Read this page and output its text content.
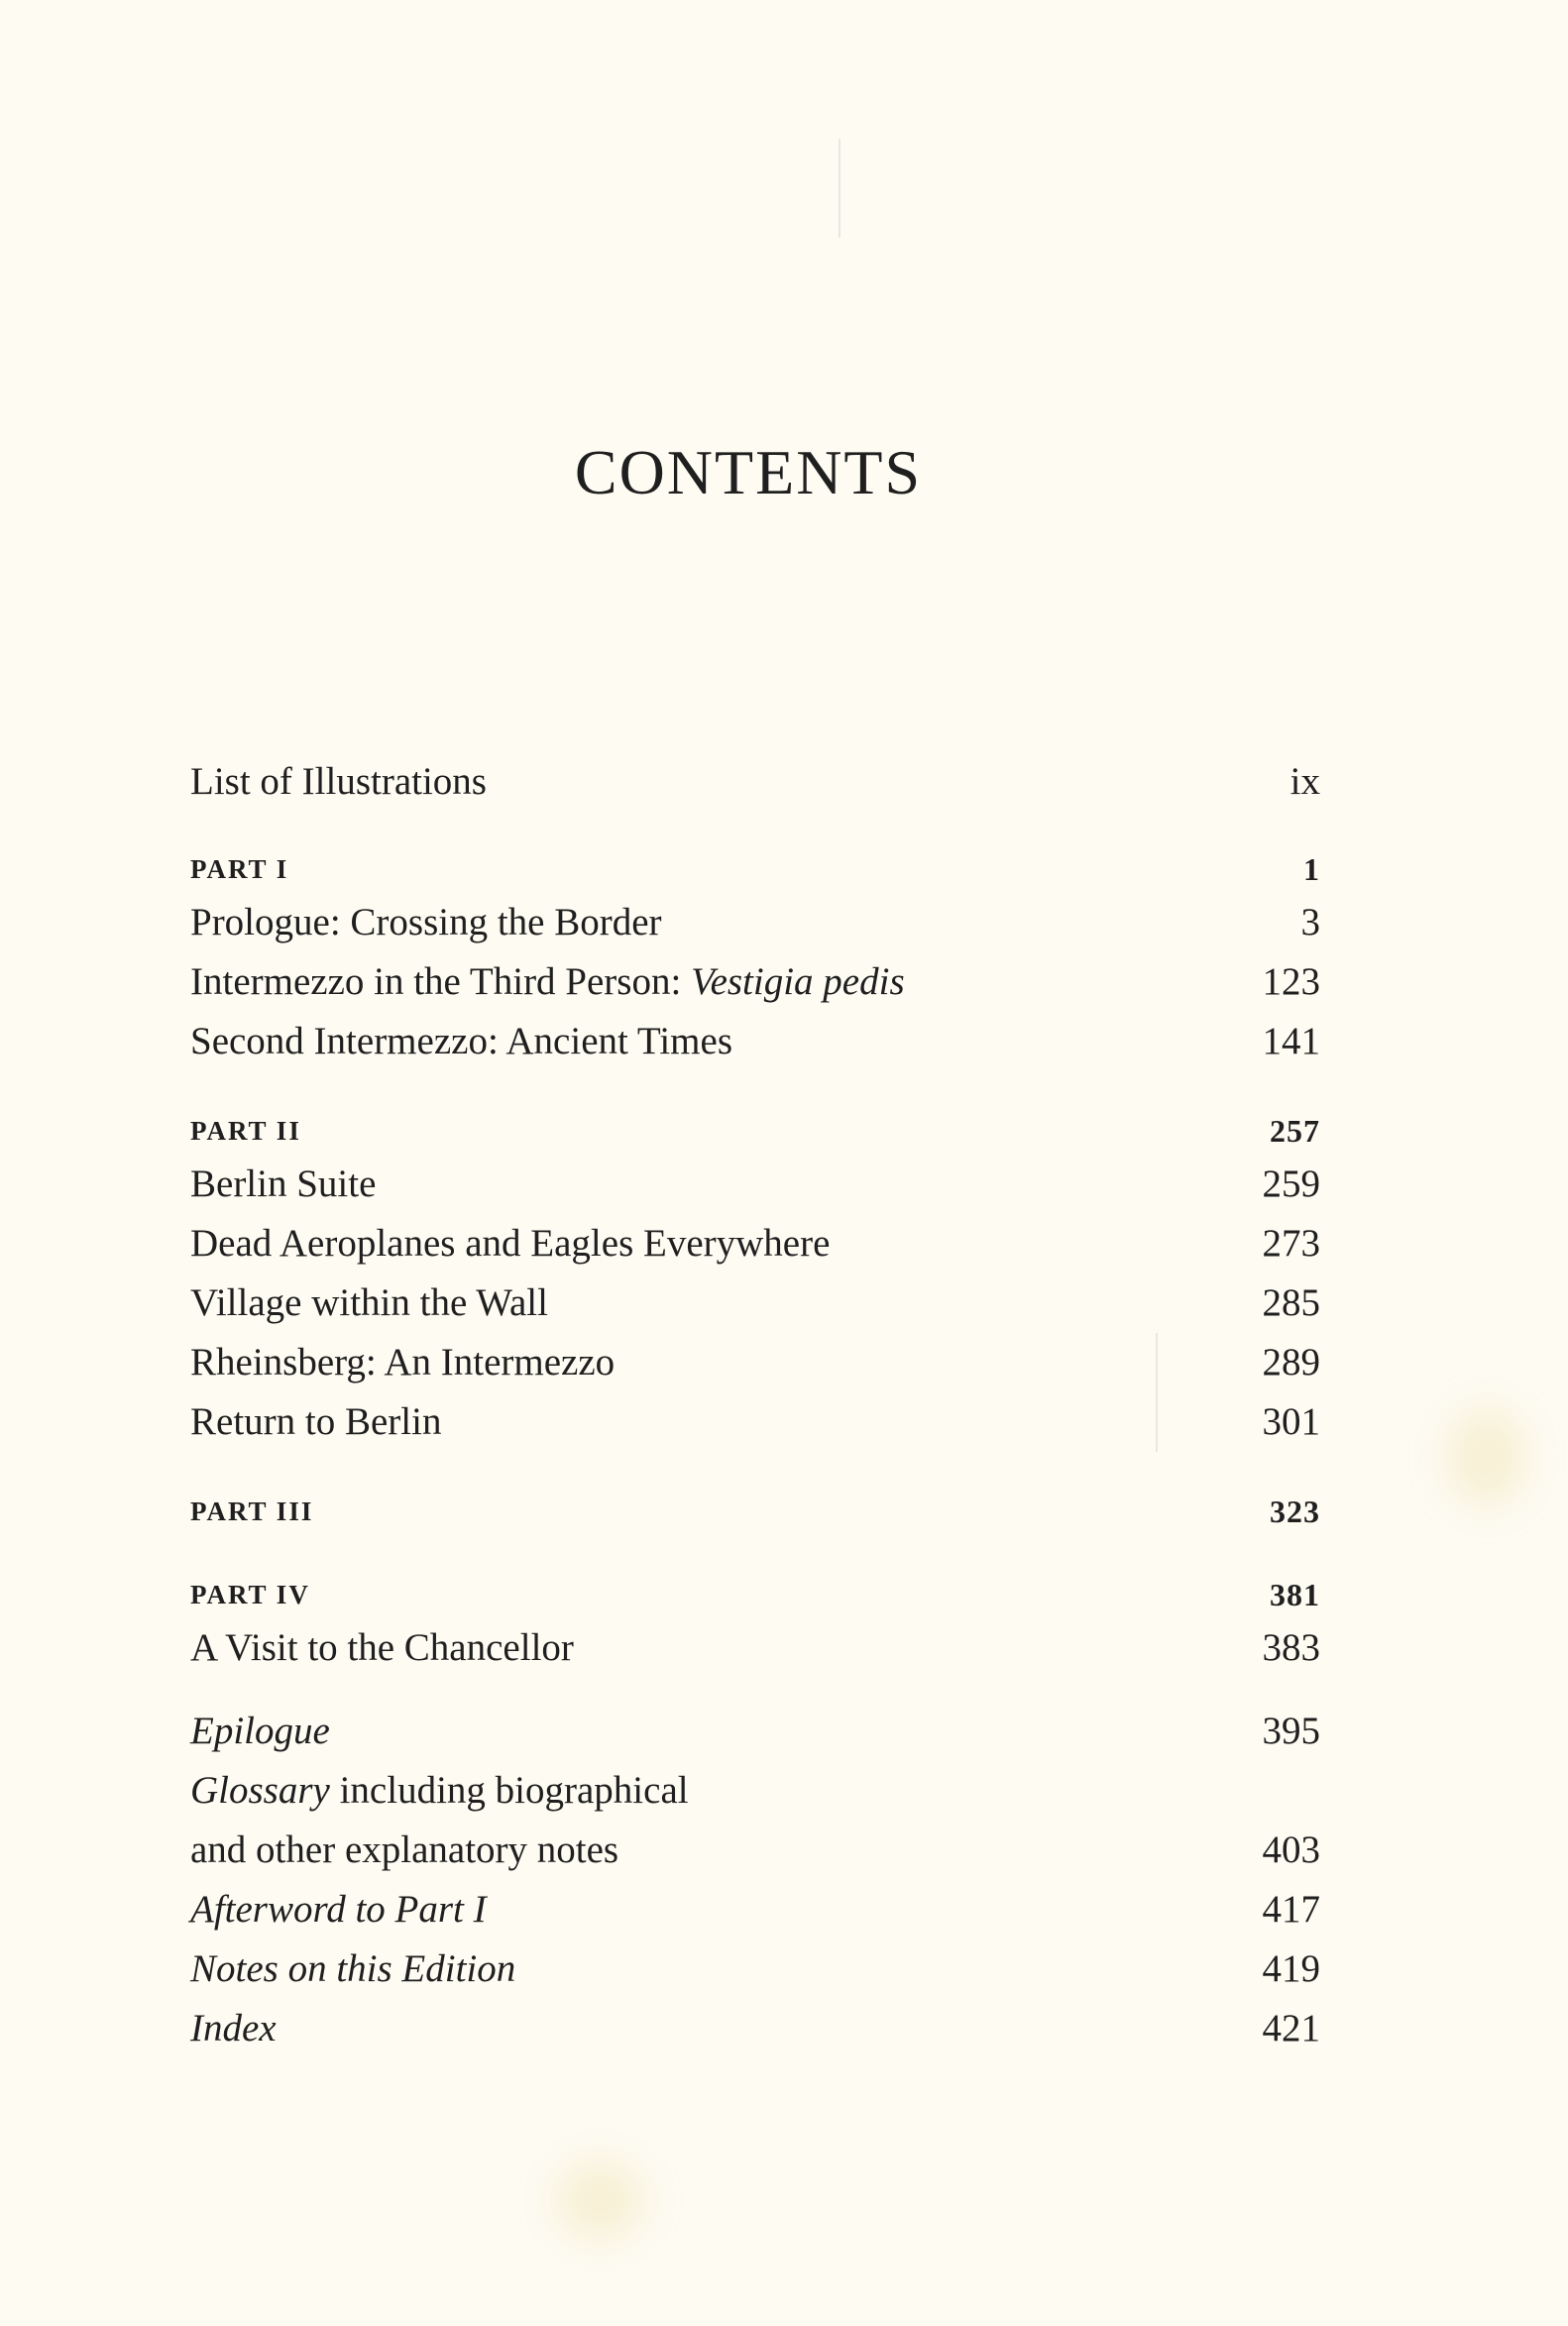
CONTENTS
List of Illustrations	ix
PART I	1
Prologue: Crossing the Border	3
Intermezzo in the Third Person: Vestigia pedis	123
Second Intermezzo: Ancient Times	141
PART II	257
Berlin Suite	259
Dead Aeroplanes and Eagles Everywhere	273
Village within the Wall	285
Rheinsberg: An Intermezzo	289
Return to Berlin	301
PART III	323
PART IV	381
A Visit to the Chancellor	383
Epilogue	395
Glossary including biographical
and other explanatory notes	403
Afterword to Part I	417
Notes on this Edition	419
Index	421
